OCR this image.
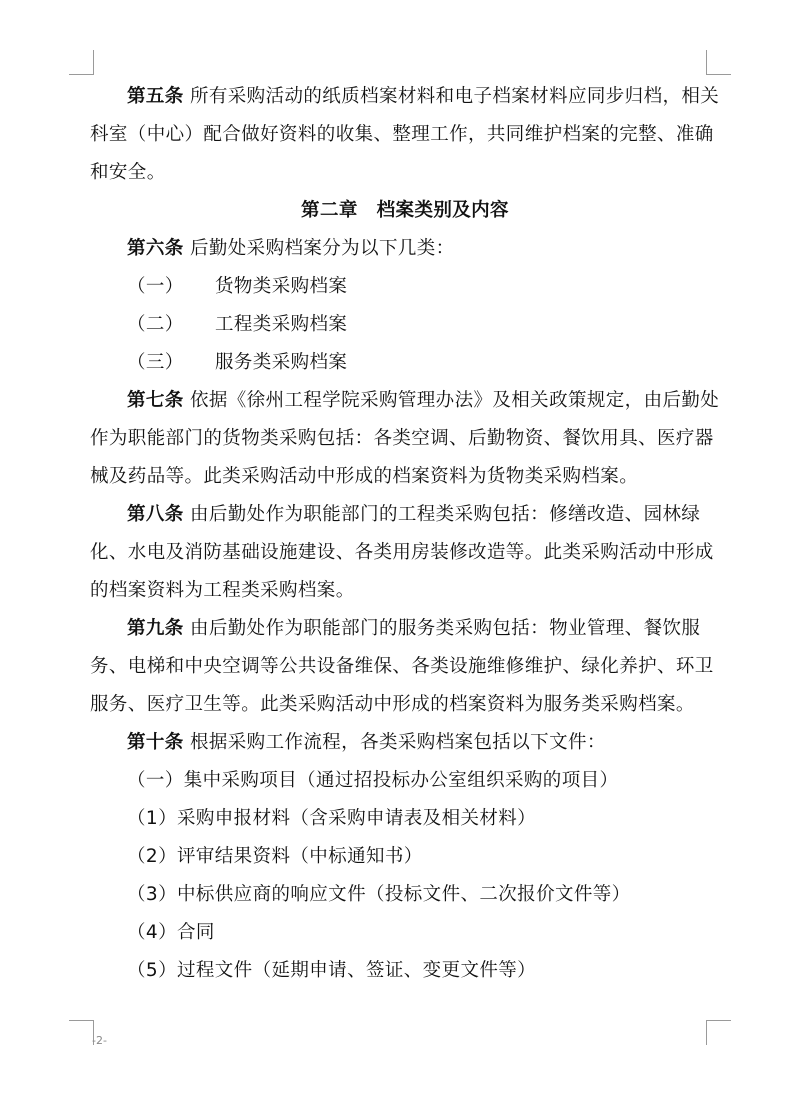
第五条 所有采购活动的纸质档案材料和电子档案材料应同步归档，相关科室（中心）配合做好资料的收集、整理工作，共同维护档案的完整、准确和安全。

第二章　档案类别及内容

第六条 后勤处采购档案分为以下几类：

（一） 货物类采购档案

（二） 工程类采购档案

（三） 服务类采购档案

第七条 依据《徐州工程学院采购管理办法》及相关政策规定，由后勤处作为职能部门的货物类采购包括：各类空调、后勤物资、餐饮用具、医疗器械及药品等。此类采购活动中形成的档案资料为货物类采购档案。

第八条 由后勤处作为职能部门的工程类采购包括：修缮改造、园林绿化、水电及消防基础设施建设、各类用房装修改造等。此类采购活动中形成的档案资料为工程类采购档案。

第九条 由后勤处作为职能部门的服务类采购包括：物业管理、餐饮服务、电梯和中央空调等公共设备维保、各类设施维修维护、绿化养护、环卫服务、医疗卫生等。此类采购活动中形成的档案资料为服务类采购档案。

第十条 根据采购工作流程，各类采购档案包括以下文件：

（一）集中采购项目（通过招投标办公室组织采购的项目）

（1）采购申报材料（含采购申请表及相关材料）

（2）评审结果资料（中标通知书）

（3）中标供应商的响应文件（投标文件、二次报价文件等）

（4）合同

（5）过程文件（延期申请、签证、变更文件等）

-2-
